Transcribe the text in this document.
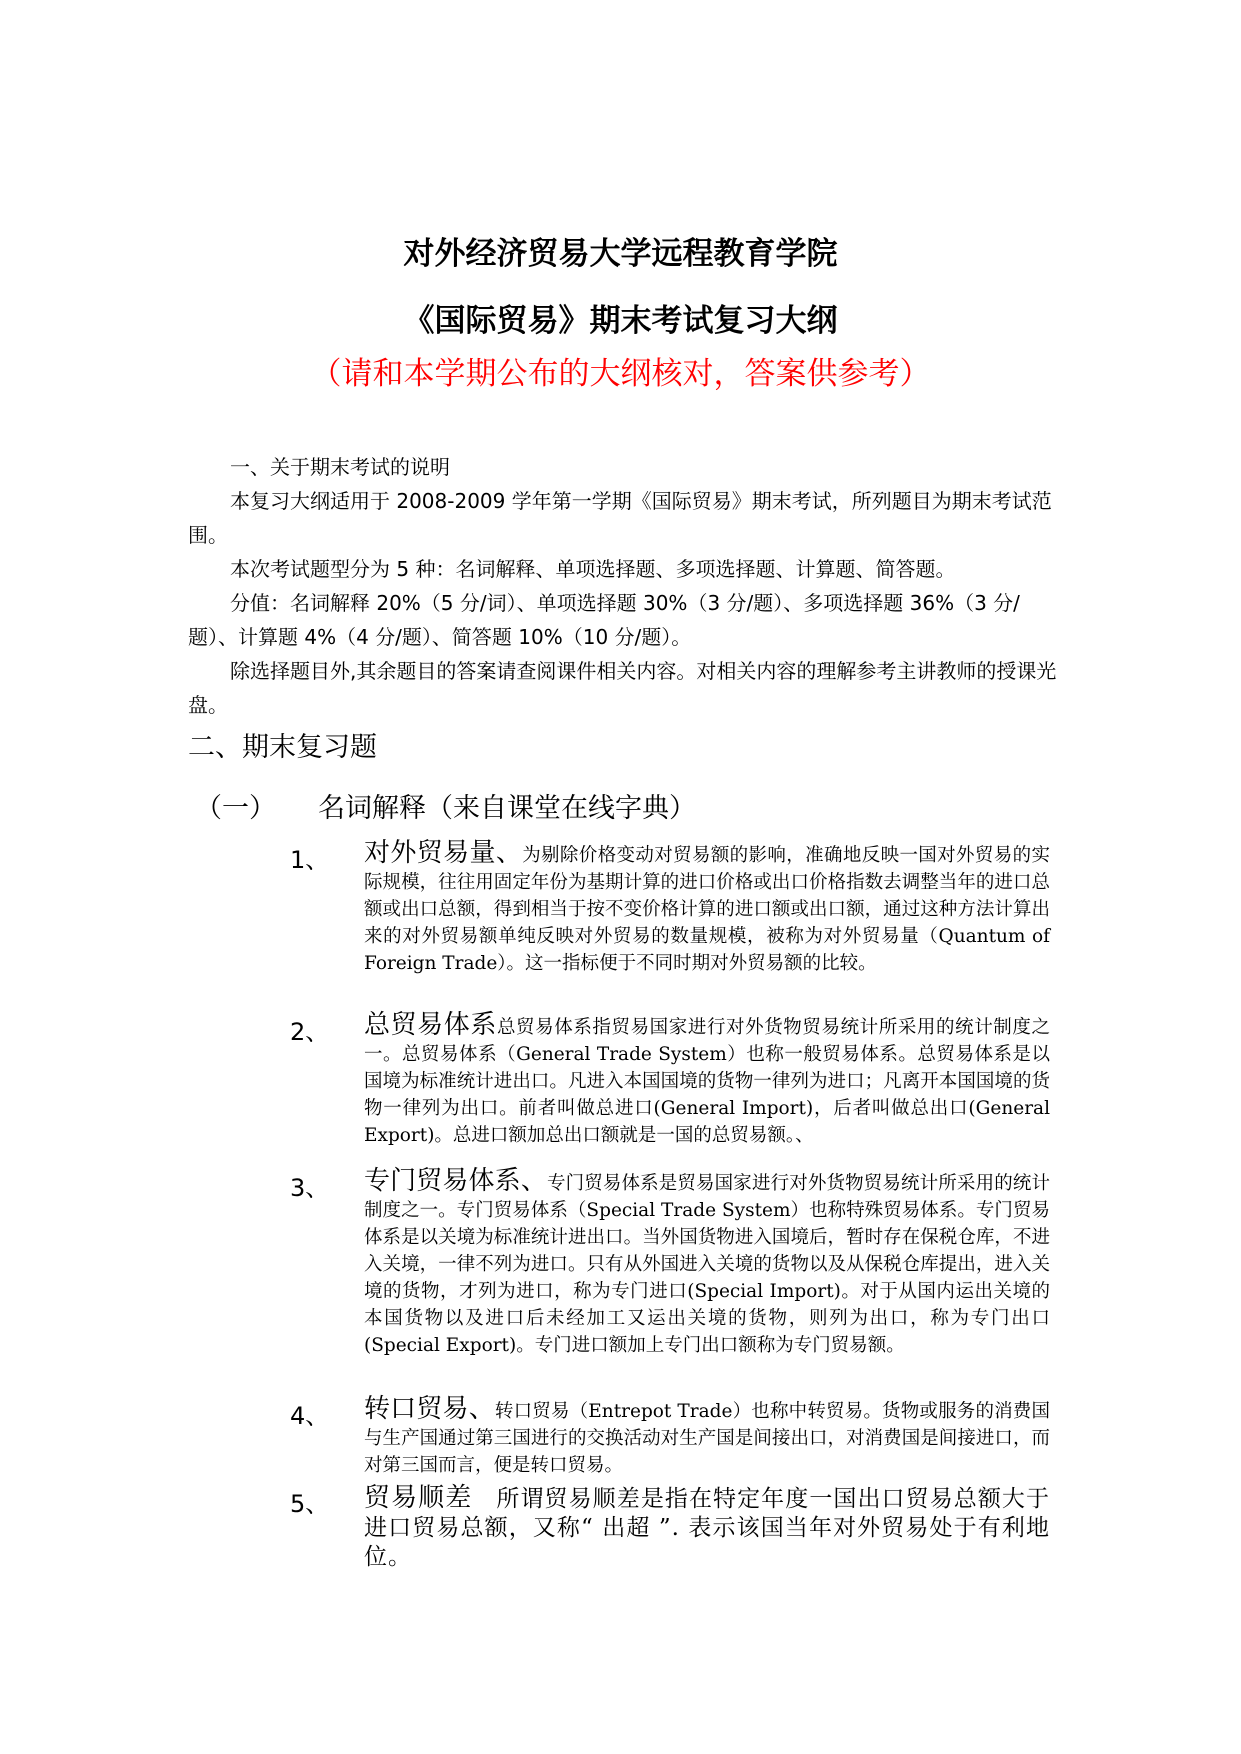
对外经济贸易大学远程教育学院
《国际贸易》期末考试复习大纲
（请和本学期公布的大纲核对，答案供参考）
一、关于期末考试的说明
本复习大纲适用于 2008-2009 学年第一学期《国际贸易》期末考试，所列题目为期末考试范围。
本次考试题型分为 5 种：名词解释、单项选择题、多项选择题、计算题、简答题。
分值：名词解释 20%（5 分/词）、单项选择题 30%（3 分/题）、多项选择题 36%（3 分/题）、计算题 4%（4 分/题）、简答题 10%（10 分/题）。
除选择题目外,其余题目的答案请查阅课件相关内容。对相关内容的理解参考主讲教师的授课光盘。
二、期末复习题
（一） 名词解释（来自课堂在线字典）
1、	对外贸易量、为剔除价格变动对贸易额的影响，准确地反映一国对外贸易的实际规模，往往用固定年份为基期计算的进口价格或出口价格指数去调整当年的进口总额或出口总额，得到相当于按不变价格计算的进口额或出口额，通过这种方法计算出来的对外贸易额单纯反映对外贸易的数量规模，被称为对外贸易量（Quantum of Foreign Trade）。这一指标便于不同时期对外贸易额的比较。
2、	总贸易体系总贸易体系指贸易国家进行对外货物贸易统计所采用的统计制度之一。总贸易体系（General Trade System）也称一般贸易体系。总贸易体系是以国境为标准统计进出口。凡进入本国国境的货物一律列为进口；凡离开本国国境的货物一律列为出口。前者叫做总进口(General Import)，后者叫做总出口(General Export)。总进口额加总出口额就是一国的总贸易额。、
3、	专门贸易体系、专门贸易体系是贸易国家进行对外货物贸易统计所采用的统计制度之一。专门贸易体系（Special Trade System）也称特殊贸易体系。专门贸易体系是以关境为标准统计进出口。当外国货物进入国境后，暂时存在保税仓库，不进入关境，一律不列为进口。只有从外国进入关境的货物以及从保税仓库提出，进入关境的货物，才列为进口，称为专门进口(Special Import)。对于从国内运出关境的本国货物以及进口后未经加工又运出关境的货物，则列为出口，称为专门出口(Special Export)。专门进口额加上专门出口额称为专门贸易额。
4、	转口贸易、转口贸易（Entrepot Trade）也称中转贸易。货物或服务的消费国与生产国通过第三国进行的交换活动对生产国是间接出口，对消费国是间接进口，而对第三国而言，便是转口贸易。
5、	贸易顺差　 所谓贸易顺差是指在特定年度一国出口贸易总额大于进口贸易总额，又称“ 出超 ”. 表示该国当年对外贸易处于有利地位。
